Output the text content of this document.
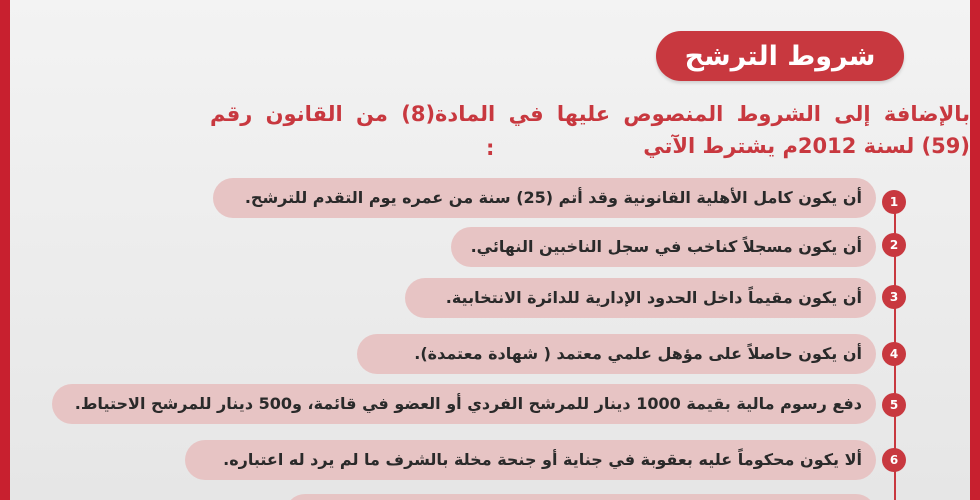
شروط الترشح
بالإضافة إلى الشروط المنصوص عليها في المادة(8) من القانون رقم (59) لسنة 2012م يشترط الآتي
:
أن يكون كامل الأهلية القانونية وقد أتم (25) سنة من عمره يوم التقدم للترشح.	1
أن يكون مسجلاً كناخب في سجل الناخبين النهائي.	2
أن يكون مقيماً داخل الحدود الإدارية للدائرة الانتخابية.	3
أن يكون حاصلاً على مؤهل علمي معتمد ( شهادة معتمدة).	4
دفع رسوم مالية بقيمة 1000 دينار للمرشح الفردي أو العضو في قائمة، و500 دينار للمرشح الاحتياط.	5
ألا يكون محكوماً عليه بعقوبة في جناية أو جنحة مخلة بالشرف ما لم يرد له اعتباره.	6
